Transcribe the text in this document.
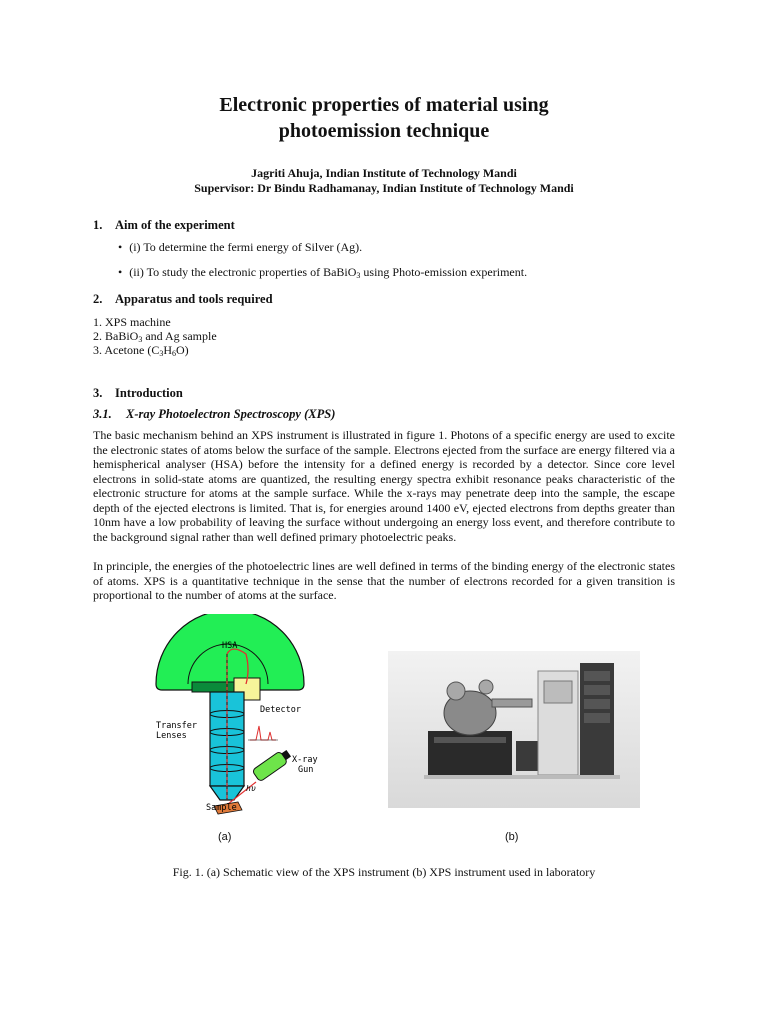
Electronic properties of material using
photoemission technique
Jagriti Ahuja, Indian Institute of Technology Mandi
Supervisor: Dr Bindu Radhamanay, Indian Institute of Technology Mandi
1. Aim of the experiment
• (i) To determine the fermi energy of Silver (Ag).
• (ii) To study the electronic properties of BaBiO$_3$ using Photo-emission experiment.
2. Apparatus and tools required
1. XPS machine
2. BaBiO$_3$ and Ag sample
3. Acetone $(C_3H_6O)$
3. Introduction
3.1. X-ray Photoelectron Spectroscopy (XPS)

The basic mechanism behind an XPS instrument is illustrated in figure 1. Photons of a specific energy are used to excite the electronic states of atoms below the surface of the sample. Electrons ejected from the surface are energy filtered via a hemispherical analyser (HSA) before the intensity for a defined energy is recorded by a detector. Since core level electrons in solid-state atoms are quantized, the resulting energy spectra exhibit resonance peaks characteristic of the electronic structure for atoms at the sample surface. While the x-rays may penetrate deep into the sample, the escape depth of the ejected electrons is limited. That is, for energies around 1400 eV, ejected electrons from depths greater than 10nm have a low probability of leaving the surface without undergoing an energy loss event, and therefore contribute to the background signal rather than well defined primary photoelectric peaks.

In principle, the energies of the photoelectric lines are well defined in terms of the binding energy of the electronic states of atoms. XPS is a quantitative technique in the sense that the number of electrons recorded for a given transition is proportional to the number of atoms at the surface.

HSA
Detector
Transfer
Lenses
X-ray
Gun
hυ
Sample
(a)	(b)

Fig. 1. (a) Schematic view of the XPS instrument (b) XPS instrument used in laboratory
